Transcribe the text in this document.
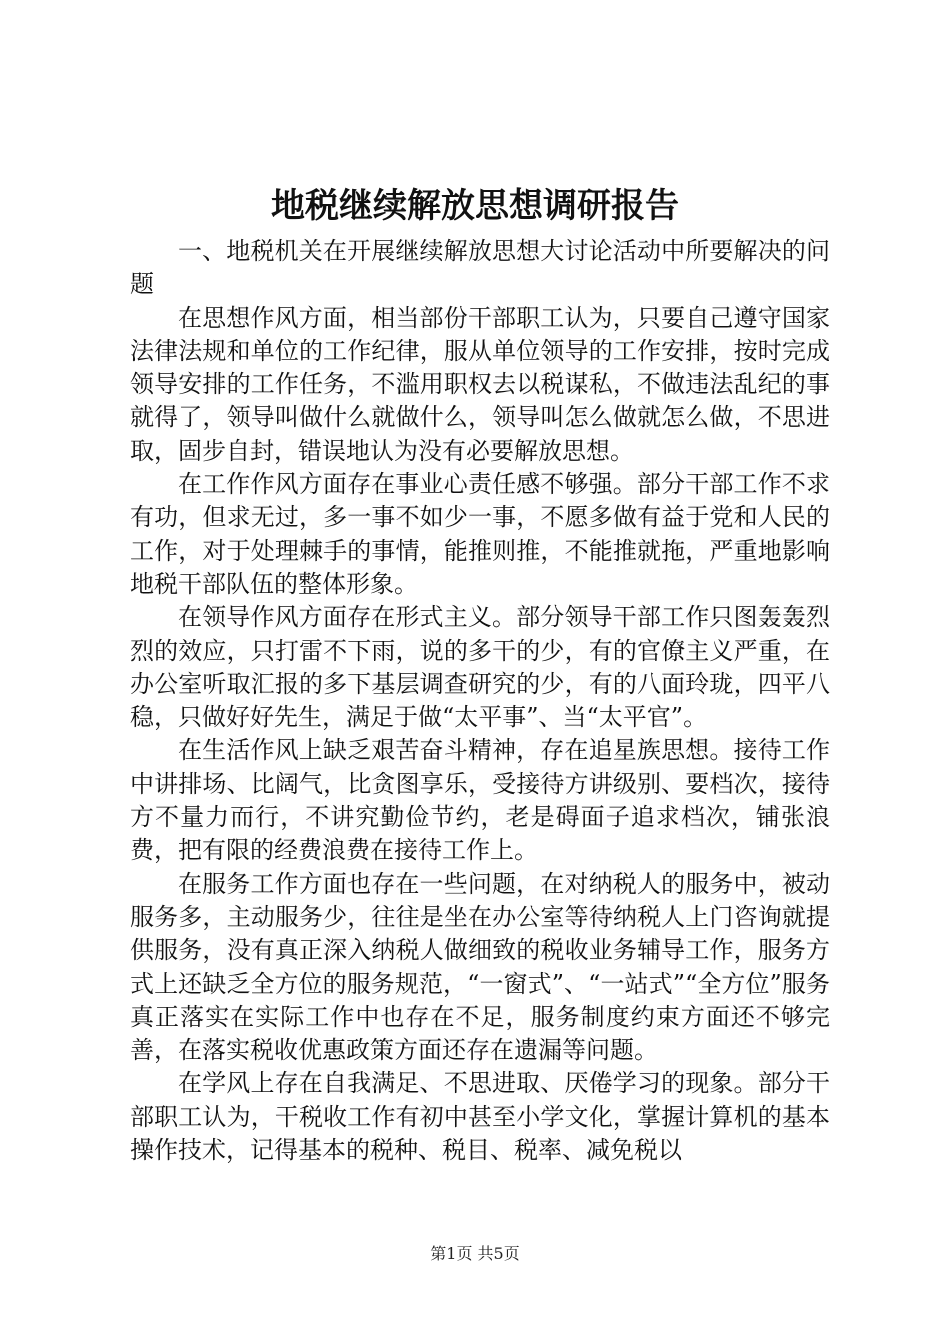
地税继续解放思想调研报告

一、地税机关在开展继续解放思想大讨论活动中所要解决的问题

在思想作风方面，相当部份干部职工认为，只要自己遵守国家法律法规和单位的工作纪律，服从单位领导的工作安排，按时完成领导安排的工作任务，不滥用职权去以税谋私，不做违法乱纪的事就得了，领导叫做什么就做什么，领导叫怎么做就怎么做，不思进取，固步自封，错误地认为没有必要解放思想。

在工作作风方面存在事业心责任感不够强。部分干部工作不求有功，但求无过，多一事不如少一事，不愿多做有益于党和人民的工作，对于处理棘手的事情，能推则推，不能推就拖，严重地影响地税干部队伍的整体形象。

在领导作风方面存在形式主义。部分领导干部工作只图轰轰烈烈的效应，只打雷不下雨，说的多干的少，有的官僚主义严重，在办公室听取汇报的多下基层调查研究的少，有的八面玲珑，四平八稳，只做好好先生，满足于做“太平事”、当“太平官”。

在生活作风上缺乏艰苦奋斗精神，存在追星族思想。接待工作中讲排场、比阔气，比贪图享乐，受接待方讲级别、要档次，接待方不量力而行，不讲究勤俭节约，老是碍面子追求档次，铺张浪费，把有限的经费浪费在接待工作上。

在服务工作方面也存在一些问题，在对纳税人的服务中，被动服务多，主动服务少，往往是坐在办公室等待纳税人上门咨询就提供服务，没有真正深入纳税人做细致的税收业务辅导工作，服务方式上还缺乏全方位的服务规范，“一窗式”、“一站式”“全方位”服务真正落实在实际工作中也存在不足，服务制度约束方面还不够完善，在落实税收优惠政策方面还存在遗漏等问题。

在学风上存在自我满足、不思进取、厌倦学习的现象。部分干部职工认为，干税收工作有初中甚至小学文化，掌握计算机的基本操作技术，记得基本的税种、税目、税率、减免税以

第1页 共5页
